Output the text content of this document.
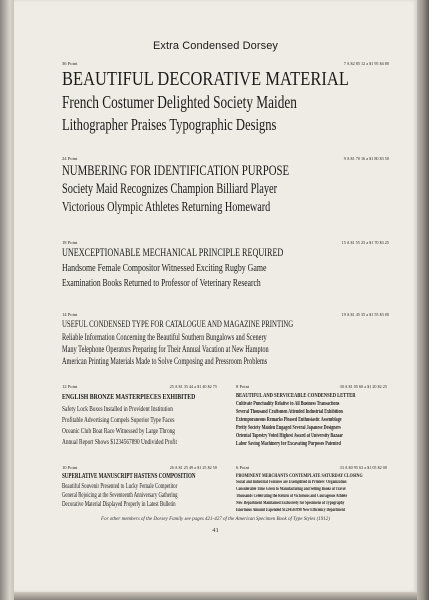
Extra Condensed Dorsey
36 Point	7 A $2 85 12 a $1 95 $4 80
BEAUTIFUL DECORATIVE MATERIAL
French Costumer Delighted Society Maiden
Lithographer Praises Typographic Designs
24 Point	9 A $1 70 16 a $1 80 $3 50
NUMBERING FOR IDENTIFICATION PURPOSE
Society Maid Recognizes Champion Billiard Player
Victorious Olympic Athletes Returning Homeward
18 Point	15 A $1 55 25 a $1 70 $3 25
UNEXCEPTIONABLE MECHANICAL PRINCIPLE REQUIRED
Handsome Female Compositor Witnessed Exciting Rugby Game
Examination Books Returned to Professor of Veterinary Research
14 Point	19 A $1 45 35 a $1 55 $3 00
USEFUL CONDENSED TYPE FOR CATALOGUE AND MAGAZINE PRINTING
Reliable Information Concerning the Beautiful Southern Bungalows and Scenery
Many Telephone Operators Preparing for Their Annual Vacation at New Hampton
American Printing Materials Made to Solve Composing and Pressroom Problems
12 Point	25 A $1 35 44 a $1 40 $2 75
ENGLISH BRONZE MASTERPIECES EXHIBITED
Safety Lock Boxes Installed in Provident Institution
Profitable Advertising Compels Superior Type Faces
Oceanic Club Boat Race Witnessed by Large Throng
Annual Report Shows $1234567890 Undivided Profit
8 Point	30 A $1 05 60 a $1 20 $2 25
BEAUTIFUL AND SERVICEABLE CONDENSED LETTER
Cultivate Punctuality Relative to All Business Transactions
Several Thousand Craftsmen Attended Industrial Exhibition
Extemporaneous Remarks Pleased Enthusiastic Assemblage
Pretty Society Maiden Engaged Several Japanese Designers
Oriental Tapestry Voted Highest Award at University Bazaar
Labor Saving Machinery for Excavating Purposes Patented
10 Point	26 A $1 25 49 a $1 25 $2 50
SUPERLATIVE MANUSCRIPT HASTENS COMPOSITION
Beautiful Souvenir Presented to Lucky Female Competitor
General Rejoicing at the Seventeenth Anniversary Gathering
Decorative Material Displayed Properly in Latest Bulletin
6 Point	33 A $0 95 63 a $1 05 $2 00
PROMINENT MERCHANTS CONTEMPLATE SATURDAY CLOSING
Social and Industrial Features are Exemplified in Printers' Organization
Considerable Time Given to Manufacturing and Selling Books of Travel
Thousands Celebrating the Return of Victorious and Courageous Athlete
New Department Maintained Exclusively for Specimens of Typography
Enormous Amount Expended $1234567890 New Efficiency Department
For other members of the Dorsey Family see pages 421-427 of the American Specimen Book of Type Styles (1912)
41
